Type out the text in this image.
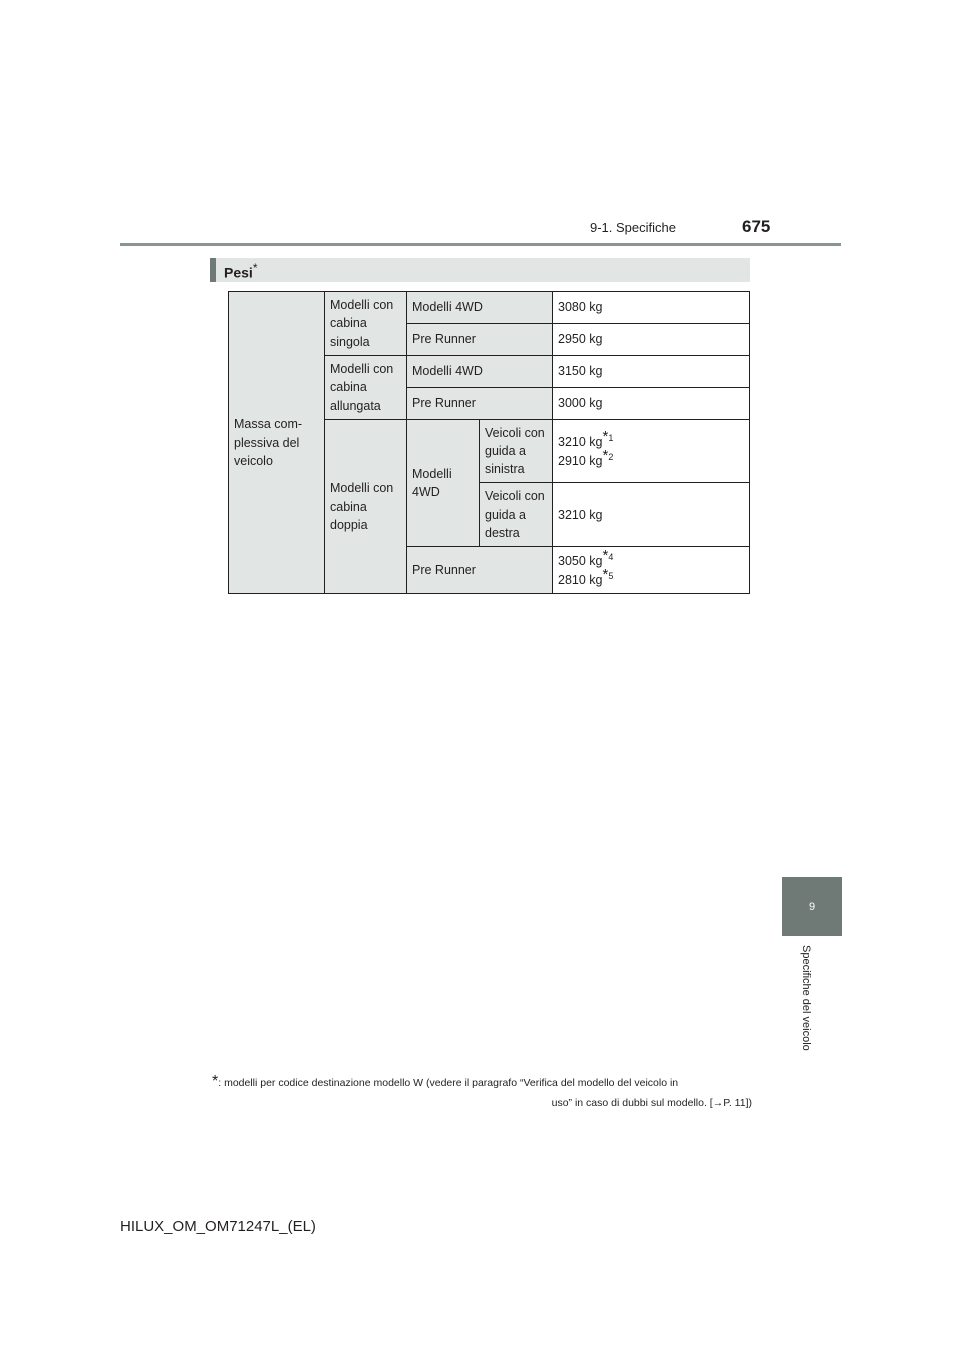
9-1. Specifiche	675
9
Specifiche del veicolo
Pesi*
Massa com- plessiva del veicolo	Modelli con cabina singola	Modelli 4WD		3080 kg
		Pre Runner		2950 kg
	Modelli con cabina allungata	Modelli 4WD		3150 kg
		Pre Runner		3000 kg
	Modelli con cabina doppia	Modelli 4WD	Veicoli con guida a sinistra	3210 $kg^{*1}$
2910 $kg^{*2}$
			Veicoli con guida a destra	3210 kg
		Pre Runner		3050 $kg^{*4}$
2810 $kg^{*5}$
*: modelli per codice destinazione modello W (vedere il paragrafo “Verifica del modello del veicolo in
uso” in caso di dubbi sul modello. [→P. 11])
HILUX_OM_OM71247L_(EL)
